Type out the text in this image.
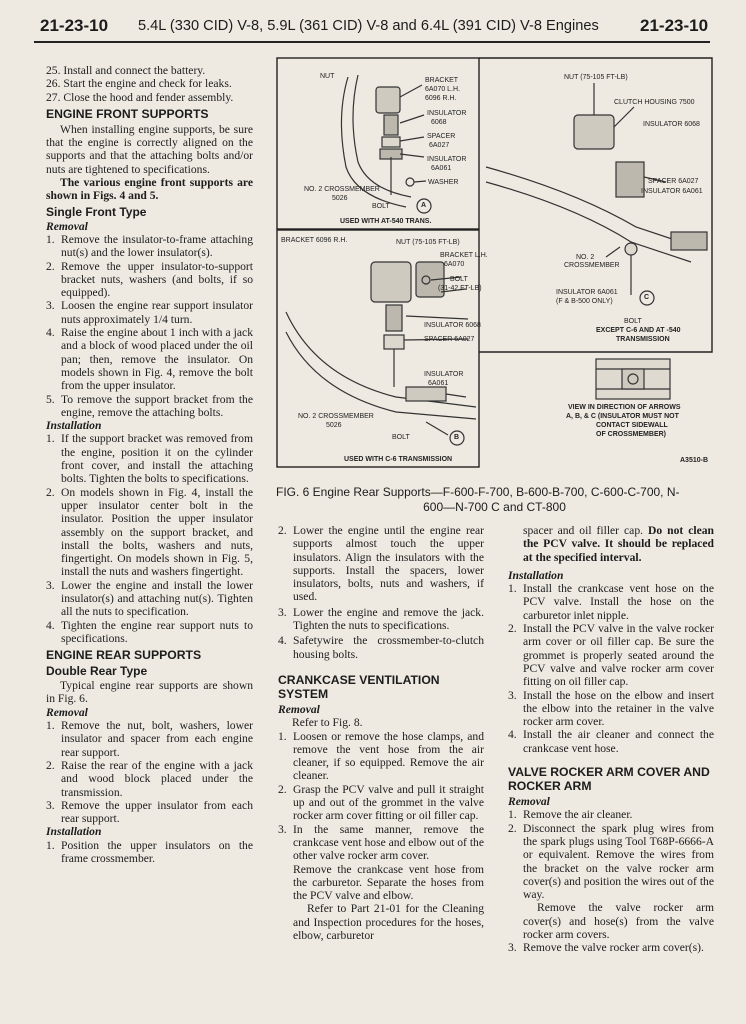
21-23-10 5.4L (330 CID) V-8, 5.9L (361 CID) V-8 and 6.4L (391 CID) V-8 Engines 21-23-10

25. Install and connect the battery.

26. Start the engine and check for leaks.

27. Close the hood and fender assembly.

ENGINE FRONT SUPPORTS

When installing engine supports, be sure that the engine is correctly aligned on the supports and that the attaching bolts and/or nuts are tightened to specifications.

The various engine front supports are shown in Figs. 4 and 5.

Single Front Type
Removal
1. Remove the insulator-to-frame attaching nut(s) and the lower insulator(s).
2. Remove the upper insulator-to-support bracket nuts, washers (and bolts, if so equipped).
3. Loosen the engine rear support insulator nuts approximately 1/4 turn.
4. Raise the engine about 1 inch with a jack and a block of wood placed under the oil pan; then, remove the insulator. On models shown in Fig. 4, remove the bolt from the upper insulator.
5. To remove the support bracket from the engine, remove the attaching bolts.
Installation
1. If the support bracket was removed from the engine, position it on the cylinder front cover, and install the attaching bolts. Tighten the bolts to specifications.
2. On models shown in Fig. 4, install the upper insulator center bolt in the insulator. Position the upper insulator assembly on the support bracket, and install the bolts, washers and nuts, fingertight. On models shown in Fig. 5, install the nuts and washers fingertight.
3. Lower the engine and install the lower insulator(s) and attaching nut(s). Tighten all the nuts to specification.
4. Tighten the engine rear support nuts to specifications.
ENGINE REAR SUPPORTS
Double Rear Type

Typical engine rear supports are shown in Fig. 6.

Removal
1. Remove the nut, bolt, washers, lower insulator and spacer from each engine rear support.
2. Raise the rear of the engine with a jack and wood block placed under the transmission.
3. Remove the upper insulator from each rear support.
Installation
1. Position the upper insulators on the frame crossmember.
NUT
BRACKET
6A070 L.H.
6096 R.H.
INSULATOR
6068
SPACER
6A027
INSULATOR
6A061
NO. 2 CROSSMEMBER
5026
WASHER
BOLT	A
USED WITH AT-540 TRANS.
BRACKET 6096 R.H.	NUT (75-105 FT-LB)
BRACKET L.H.
6A070
BOLT
(31-42 FT-LB)
INSULATOR 6068
SPACER 6A027
INSULATOR
6A061
NO. 2 CROSSMEMBER
5026
BOLT	B
USED WITH C-6 TRANSMISSION
NUT (75-105 FT-LB)
CLUTCH HOUSING 7500
INSULATOR 6068
SPACER 6A027
INSULATOR 6A061
NO. 2
CROSSMEMBER
INSULATOR 6A061
(F & B-500 ONLY)
BOLT
C
EXCEPT C-6 AND AT -540
TRANSMISSION
VIEW IN DIRECTION OF ARROWS
A, B, & C (INSULATOR MUST NOT
CONTACT SIDEWALL
OF CROSSMEMBER)
A3510-B
FIG. 6 Engine Rear Supports—F-600-F-700, B-600-B-700, C-600-C-700, N-
600—N-700 C and CT-800
2. Lower the engine until the engine rear supports almost touch the upper insulators. Align the insulators with the supports. Install the spacers, lower insulators, bolts, nuts and washers, if used.
3. Lower the engine and remove the jack. Tighten the nuts to specifications.
4. Safetywire the crossmember-to-clutch housing bolts.
CRANKCASE VENTILATION SYSTEM
Removal

Refer to Fig. 8.

1. Loosen or remove the hose clamps, and remove the vent hose from the air cleaner, if so equipped. Remove the air cleaner.
2. Grasp the PCV valve and pull it straight up and out of the grommet in the valve rocker arm cover fitting or oil filler cap.
3. In the same manner, remove the crankcase vent hose and elbow out of the other valve rocker arm cover.

Remove the crankcase vent hose from the carburetor. Separate the hoses from the PCV valve and elbow.

Refer to Part 21-01 for the Cleaning and Inspection procedures for the hoses, elbow, carburetor

spacer and oil filler cap. Do not clean the PCV valve. It should be replaced at the specified interval.

Installation
1. Install the crankcase vent hose on the PCV valve. Install the hose on the carburetor inlet nipple.
2. Install the PCV valve in the valve rocker arm cover or oil filler cap. Be sure the grommet is properly seated around the PCV valve and valve rocker arm cover fitting on oil filler cap.
3. Install the hose on the elbow and insert the elbow into the retainer in the valve rocker arm cover.
4. Install the air cleaner and connect the crankcase vent hose.
VALVE ROCKER ARM COVER AND ROCKER ARM
Removal
1. Remove the air cleaner.
2. Disconnect the spark plug wires from the spark plugs using Tool T68P-6666-A or equivalent. Remove the wires from the bracket on the valve rocker arm cover(s) and position the wires out of the way.

Remove the valve rocker arm cover(s) and hose(s) from the valve rocker arm covers.

3. Remove the valve rocker arm cover(s).
